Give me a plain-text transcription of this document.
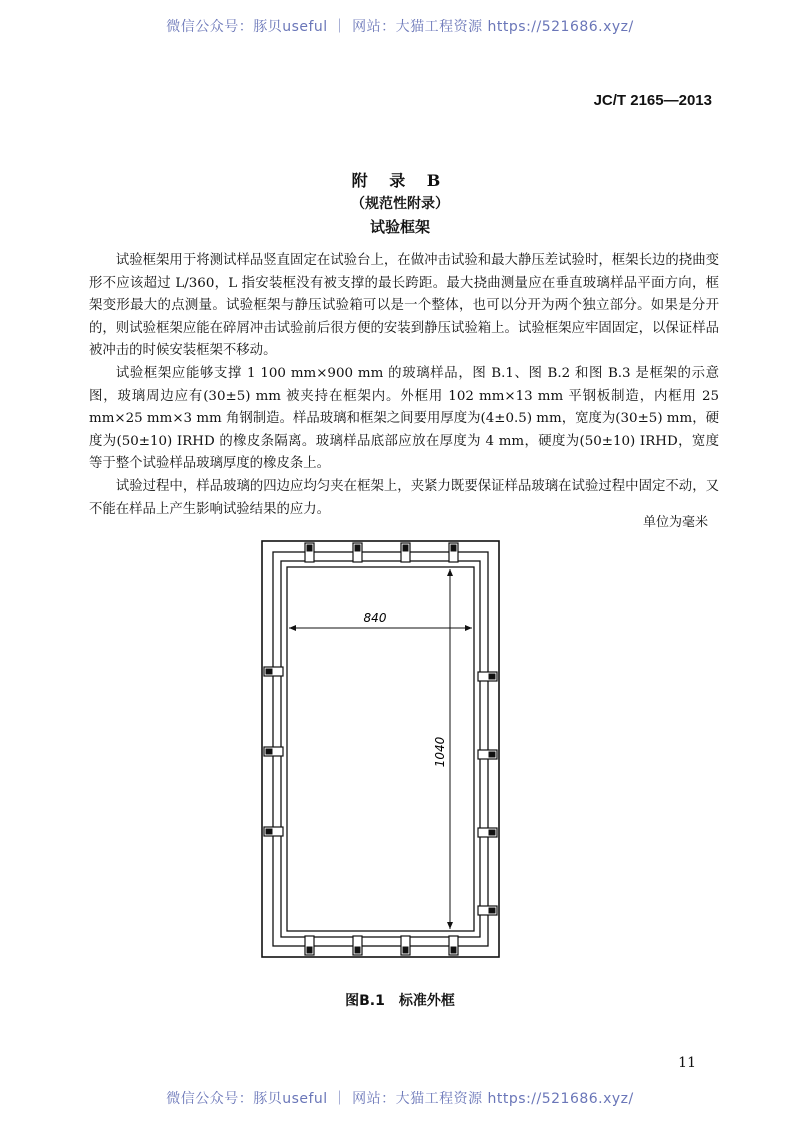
微信公众号：豚贝useful ｜ 网站：大猫工程资源 https://521686.xyz/
JC/T 2165—2013
附 录 B
（规范性附录）
试验框架

试验框架用于将测试样品竖直固定在试验台上，在做冲击试验和最大静压差试验时，框架长边的挠曲变形不应该超过 L/360，L 指安装框没有被支撑的最长跨距。最大挠曲测量应在垂直玻璃样品平面方向，框架变形最大的点测量。试验框架与静压试验箱可以是一个整体，也可以分开为两个独立部分。如果是分开的，则试验框架应能在碎屑冲击试验前后很方便的安装到静压试验箱上。试验框架应牢固固定，以保证样品被冲击的时候安装框架不移动。

试验框架应能够支撑 1 100 mm×900 mm 的玻璃样品，图 B.1、图 B.2 和图 B.3 是框架的示意图，玻璃周边应有(30±5) mm 被夹持在框架内。外框用 102 mm×13 mm 平钢板制造，内框用 25 mm×25 mm×3 mm 角钢制造。样品玻璃和框架之间要用厚度为(4±0.5) mm，宽度为(30±5) mm，硬度为(50±10) IRHD 的橡皮条隔离。玻璃样品底部应放在厚度为 4 mm，硬度为(50±10) IRHD，宽度等于整个试验样品玻璃厚度的橡皮条上。

试验过程中，样品玻璃的四边应均匀夹在框架上，夹紧力既要保证样品玻璃在试验过程中固定不动，又不能在样品上产生影响试验结果的应力。

单位为毫米
840
1040
图B.1　标准外框
11
微信公众号：豚贝useful ｜ 网站：大猫工程资源 https://521686.xyz/
